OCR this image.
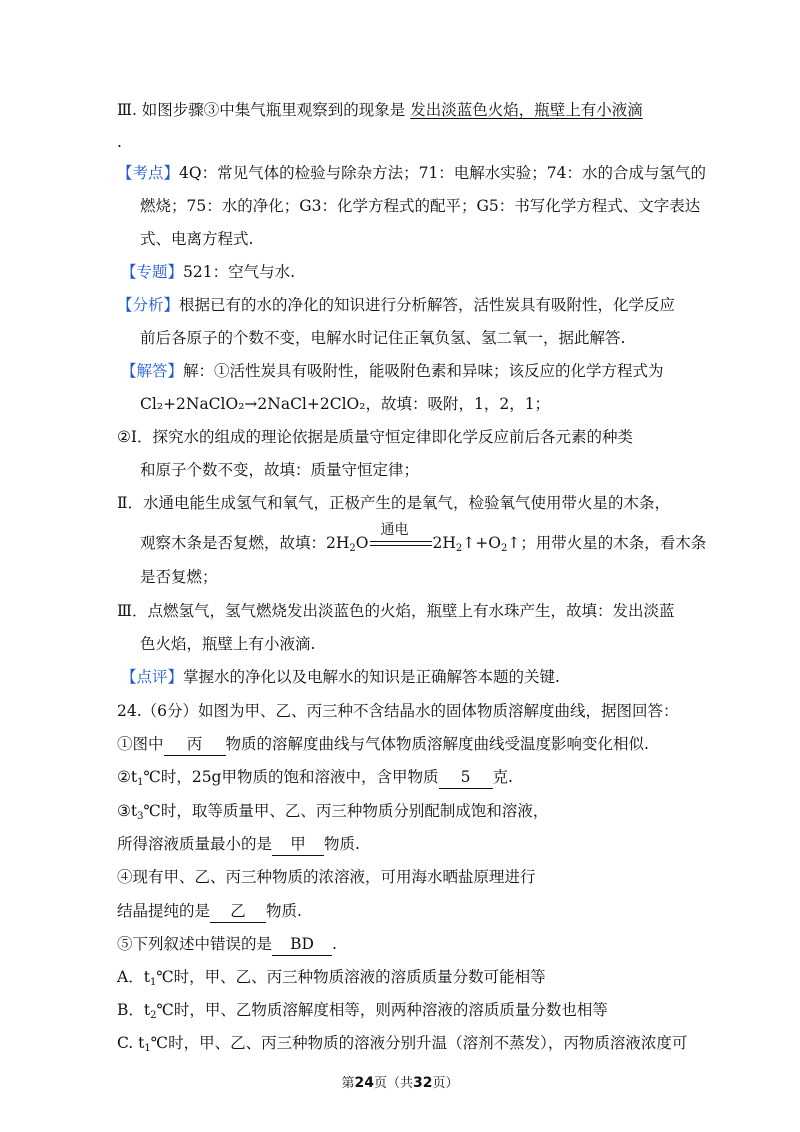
Ⅲ. 如图步骤③中集气瓶里观察到的现象是 发出淡蓝色火焰，瓶壁上有小液滴
.
【考点】4Q：常见气体的检验与除杂方法；71：电解水实验；74：水的合成与氢气的
燃烧；75：水的净化；G3：化学方程式的配平；G5：书写化学方程式、文字表达
式、电离方程式.
【专题】521：空气与水.
【分析】根据已有的水的净化的知识进行分析解答，活性炭具有吸附性，化学反应
前后各原子的个数不变，电解水时记住正氧负氢、氢二氧一，据此解答.
【解答】解：①活性炭具有吸附性，能吸附色素和异味；该反应的化学方程式为
Cl₂+2NaClO₂→2NaCl+2ClO₂，故填：吸附，1，2，1；
②Ⅰ．探究水的组成的理论依据是质量守恒定律即化学反应前后各元素的种类
和原子个数不变，故填：质量守恒定律；
Ⅱ．水通电能生成氢气和氧气，正极产生的是氧气，检验氧气使用带火星的木条，
观察木条是否复燃，故填：$2H_2O$
通电
$2H_2↑+O_2↑$；用带火星的木条，看木条
是否复燃；
Ⅲ．点燃氢气，氢气燃烧发出淡蓝色的火焰，瓶壁上有水珠产生，故填：发出淡蓝
色火焰，瓶壁上有小液滴.
【点评】掌握水的净化以及电解水的知识是正确解答本题的关键.
24.（6分）如图为甲、乙、丙三种不含结晶水的固体物质溶解度曲线，据图回答：
①图中 丙 物质的溶解度曲线与气体物质溶解度曲线受温度影响变化相似.
$②t_1℃$时，25g甲物质的饱和溶液中，含甲物质 5 克.
$③t_3℃$时，取等质量甲、乙、丙三种物质分别配制成饱和溶液，
所得溶液质量最小的是 甲 物质.
④现有甲、乙、丙三种物质的浓溶液，可用海水晒盐原理进行
结晶提纯的是 乙 物质.
⑤下列叙述中错误的是 BD .
A．$t_1℃$时，甲、乙、丙三种物质溶液的溶质质量分数可能相等
B．$t_2℃$时，甲、乙物质溶解度相等，则两种溶液的溶质质量分数也相等
C. $t_1℃$时，甲、乙、丙三种物质的溶液分别升温（溶剂不蒸发），丙物质溶液浓度可
第24页（共32页）
